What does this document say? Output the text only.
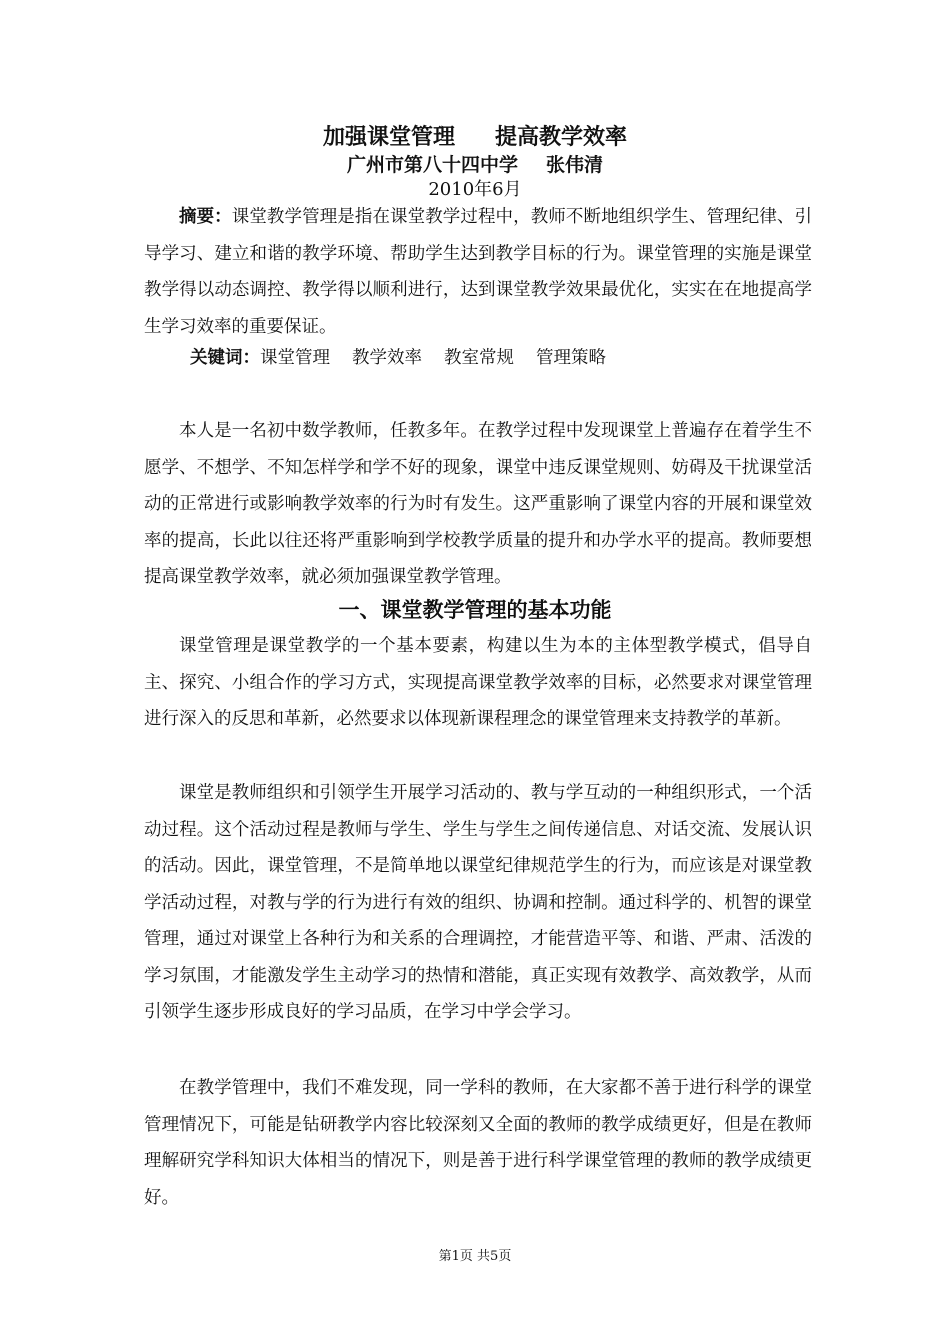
加强课堂管理 提高教学效率
广州市第八十四中学 张伟清
2010年6月
摘要：课堂教学管理是指在课堂教学过程中，教师不断地组织学生、管理纪律、引导学习、建立和谐的教学环境、帮助学生达到教学目标的行为。课堂管理的实施是课堂教学得以动态调控、教学得以顺利进行，达到课堂教学效果最优化，实实在在地提高学生学习效率的重要保证。
关键词：课堂管理 教学效率 教室常规 管理策略
本人是一名初中数学教师，任教多年。在教学过程中发现课堂上普遍存在着学生不愿学、不想学、不知怎样学和学不好的现象，课堂中违反课堂规则、妨碍及干扰课堂活动的正常进行或影响教学效率的行为时有发生。这严重影响了课堂内容的开展和课堂效率的提高，长此以往还将严重影响到学校教学质量的提升和办学水平的提高。教师要想提高课堂教学效率，就必须加强课堂教学管理。
一、课堂教学管理的基本功能
课堂管理是课堂教学的一个基本要素，构建以生为本的主体型教学模式，倡导自主、探究、小组合作的学习方式，实现提高课堂教学效率的目标，必然要求对课堂管理进行深入的反思和革新，必然要求以体现新课程理念的课堂管理来支持教学的革新。
课堂是教师组织和引领学生开展学习活动的、教与学互动的一种组织形式，一个活动过程。这个活动过程是教师与学生、学生与学生之间传递信息、对话交流、发展认识的活动。因此，课堂管理，不是简单地以课堂纪律规范学生的行为，而应该是对课堂教学活动过程，对教与学的行为进行有效的组织、协调和控制。通过科学的、机智的课堂管理，通过对课堂上各种行为和关系的合理调控，才能营造平等、和谐、严肃、活泼的学习氛围，才能激发学生主动学习的热情和潜能，真正实现有效教学、高效教学，从而引领学生逐步形成良好的学习品质，在学习中学会学习。
在教学管理中，我们不难发现，同一学科的教师，在大家都不善于进行科学的课堂管理情况下，可能是钻研教学内容比较深刻又全面的教师的教学成绩更好，但是在教师理解研究学科知识大体相当的情况下，则是善于进行科学课堂管理的教师的教学成绩更好。
第1页 共5页
